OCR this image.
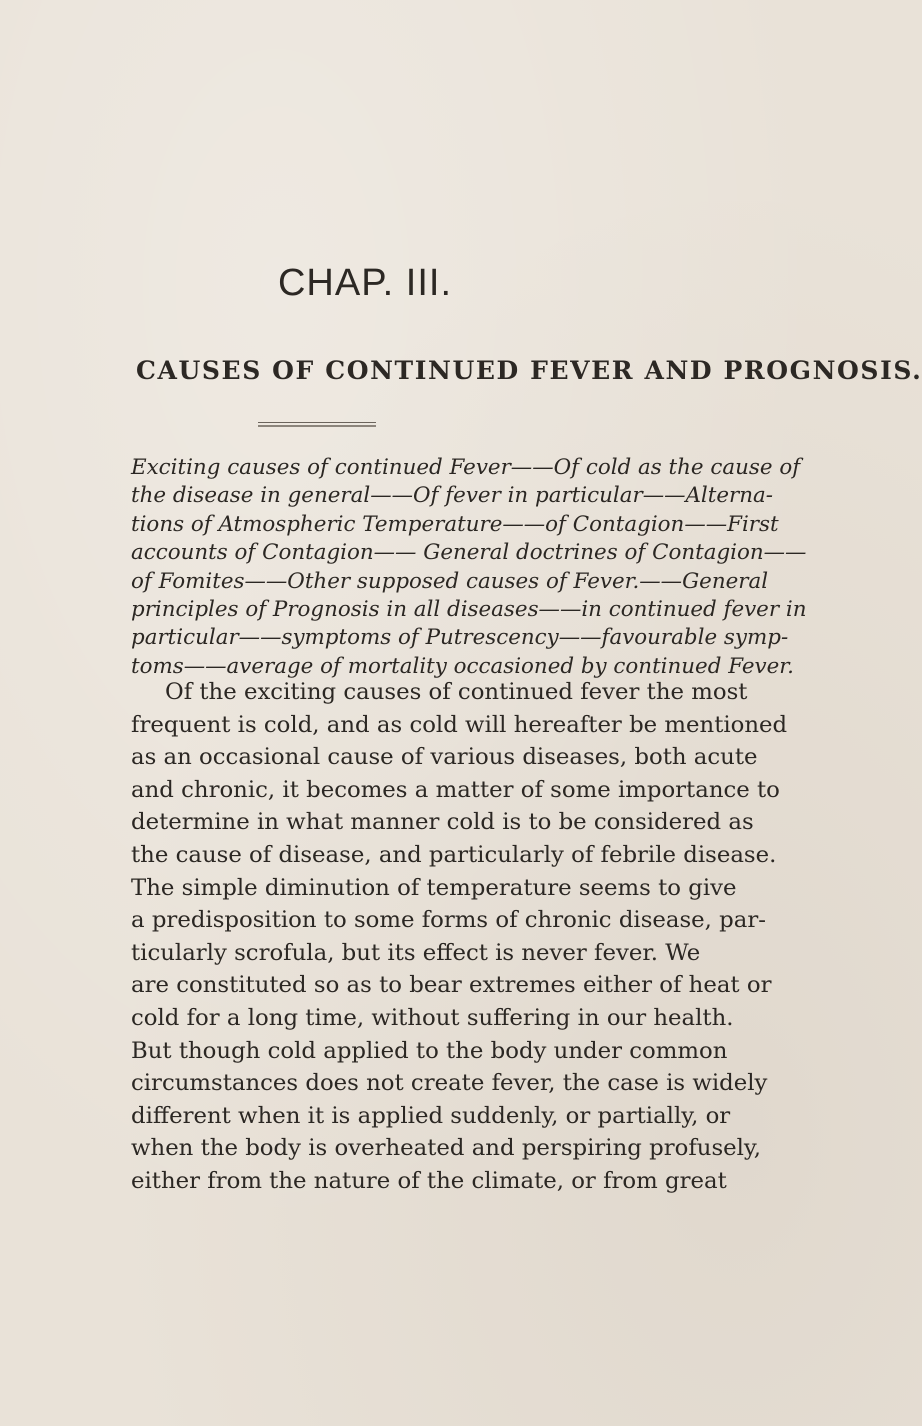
CHAP. III.
CAUSES OF CONTINUED FEVER AND PROGNOSIS.
Exciting causes of continued Fever——Of cold as the cause of
the disease in general——Of fever in particular——Alterna-
tions of Atmospheric Temperature——of Contagion——First
accounts of Contagion—— General doctrines of Contagion——
of Fomites——Other supposed causes of Fever.——General
principles of Prognosis in all diseases——in continued fever in
particular——symptoms of Putrescency——favourable symp-
toms——average of mortality occasioned by continued Fever.
Of the exciting causes of continued fever the most
frequent is cold, and as cold will hereafter be mentioned
as an occasional cause of various diseases, both acute
and chronic, it becomes a matter of some importance to
determine in what manner cold is to be considered as
the cause of disease, and particularly of febrile disease.
The simple diminution of temperature seems to give
a predisposition to some forms of chronic disease, par-
ticularly scrofula, but its effect is never fever. We
are constituted so as to bear extremes either of heat or
cold for a long time, without suffering in our health.
But though cold applied to the body under common
circumstances does not create fever, the case is widely
different when it is applied suddenly, or partially, or
when the body is overheated and perspiring profusely,
either from the nature of the climate, or from great
